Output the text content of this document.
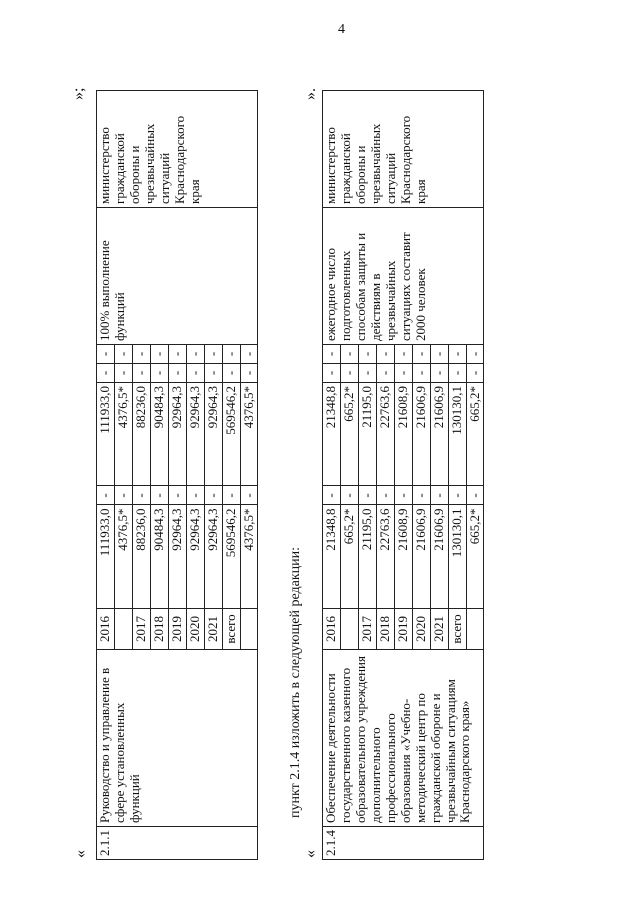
4
«
»;
2.1.1	Руководство и управление в сфере установленных функций	2016	111933,0	-	111933,0	-	-	100% выполнение функций	министерство гражданской обороны и чрезвычайных ситуаций Краснодарского края
			4376,5*	-	4376,5*	-	-		
		2017	88236,0	-	88236,0	-	-		
		2018	90484,3	-	90484,3	-	-		
		2019	92964,3	-	92964,3	-	-		
		2020	92964,3	-	92964,3	-	-		
		2021	92964,3	-	92964,3	-	-		
		всего	569546,2	-	569546,2	-	-		
			4376,5*	-	4376,5*	-	-		
пункт 2.1.4 изложить в следующей редакции:
«
».
2.1.4	Обеспечение деятельности государственного казенного образовательного учреждения дополнительного профессионального образования «Учебно-методический центр по гражданской обороне и чрезвычайным ситуациям Краснодарского края»	2016	21348,8	-	21348,8	-	-	ежегодное число подготовленных способам защиты и действиям в чрезвычайных ситуациях составит 2000 человек	министерство гражданской обороны и чрезвычайных ситуаций Краснодарского края
			665,2*	-	665,2*	-	-		
		2017	21195,0	-	21195,0	-	-		
		2018	22763,6	-	22763,6	-	-		
		2019	21608,9	-	21608,9	-	-		
		2020	21606,9	-	21606,9	-	-		
		2021	21606,9	-	21606,9	-	-		
		всего	130130,1	-	130130,1	-	-		
			665,2*	-	665,2*	-	-		
